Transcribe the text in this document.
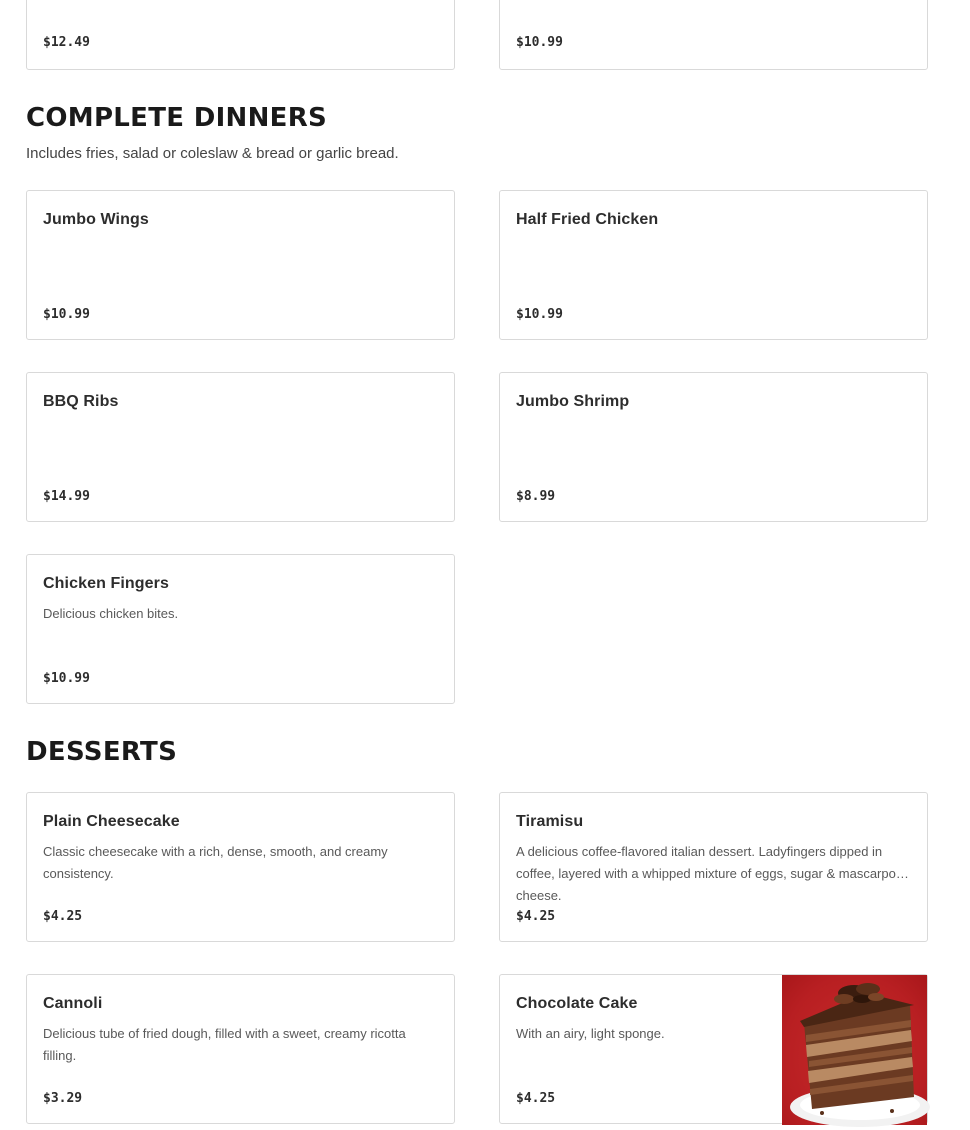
$12.49	$10.99
COMPLETE DINNERS

Includes fries, salad or coleslaw & bread or garlic bread.

Jumbo Wings
$10.99
Half Fried Chicken
$10.99
BBQ Ribs
$14.99
Jumbo Shrimp
$8.99
Chicken Fingers
Delicious chicken bites.
$10.99
DESSERTS
Plain Cheesecake
Classic cheesecake with a rich, dense, smooth, and creamy consistency.
$4.25
Tiramisu
A delicious coffee-flavored italian dessert. Ladyfingers dipped in coffee, layered with a whipped mixture of eggs, sugar & mascarpone cheese.
$4.25
Cannoli
Delicious tube of fried dough, filled with a sweet, creamy ricotta filling.
$3.29
Chocolate Cake
With an airy, light sponge.
$4.25
